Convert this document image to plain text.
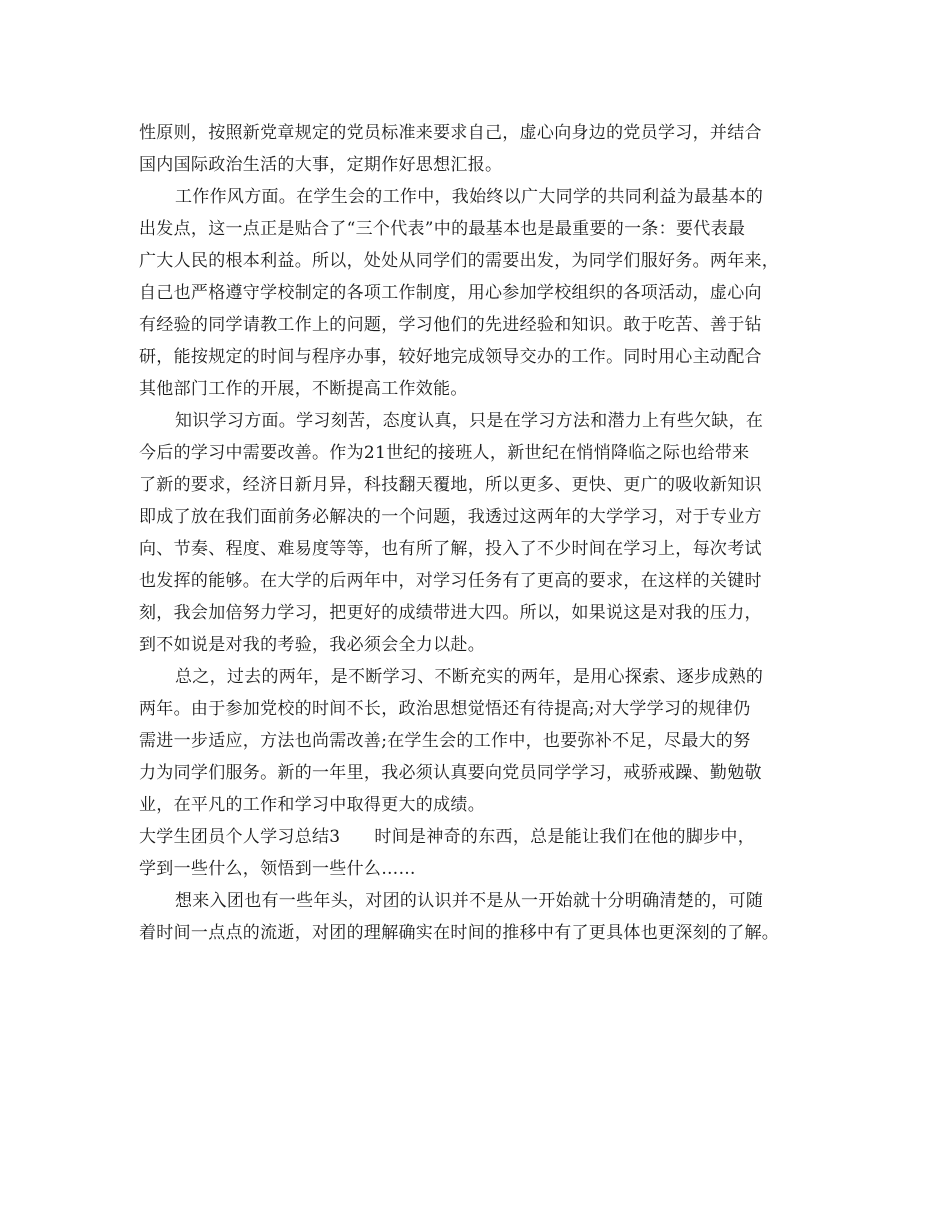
性原则，按照新党章规定的党员标准来要求自己，虚心向身边的党员学习，并结合
国内国际政治生活的大事，定期作好思想汇报。
工作作风方面。在学生会的工作中，我始终以广大同学的共同利益为最基本的
出发点，这一点正是贴合了“三个代表”中的最基本也是最重要的一条：要代表最
广大人民的根本利益。所以，处处从同学们的需要出发，为同学们服好务。两年来，
自己也严格遵守学校制定的各项工作制度，用心参加学校组织的各项活动，虚心向
有经验的同学请教工作上的问题，学习他们的先进经验和知识。敢于吃苦、善于钻
研，能按规定的时间与程序办事，较好地完成领导交办的工作。同时用心主动配合
其他部门工作的开展，不断提高工作效能。
知识学习方面。学习刻苦，态度认真，只是在学习方法和潜力上有些欠缺，在
今后的学习中需要改善。作为21世纪的接班人，新世纪在悄悄降临之际也给带来
了新的要求，经济日新月异，科技翻天覆地，所以更多、更快、更广的吸收新知识
即成了放在我们面前务必解决的一个问题，我透过这两年的大学学习，对于专业方
向、节奏、程度、难易度等等，也有所了解，投入了不少时间在学习上，每次考试
也发挥的能够。在大学的后两年中，对学习任务有了更高的要求，在这样的关键时
刻，我会加倍努力学习，把更好的成绩带进大四。所以，如果说这是对我的压力，
到不如说是对我的考验，我必须会全力以赴。
总之，过去的两年，是不断学习、不断充实的两年，是用心探索、逐步成熟的
两年。由于参加党校的时间不长，政治思想觉悟还有待提高;对大学学习的规律仍
需进一步适应，方法也尚需改善;在学生会的工作中，也要弥补不足，尽最大的努
力为同学们服务。新的一年里，我必须认真要向党员同学学习，戒骄戒躁、勤勉敬
业，在平凡的工作和学习中取得更大的成绩。
大学生团员个人学习总结3 时间是神奇的东西，总是能让我们在他的脚步中，
学到一些什么，领悟到一些什么……
想来入团也有一些年头，对团的认识并不是从一开始就十分明确清楚的，可随
着时间一点点的流逝，对团的理解确实在时间的推移中有了更具体也更深刻的了解。
